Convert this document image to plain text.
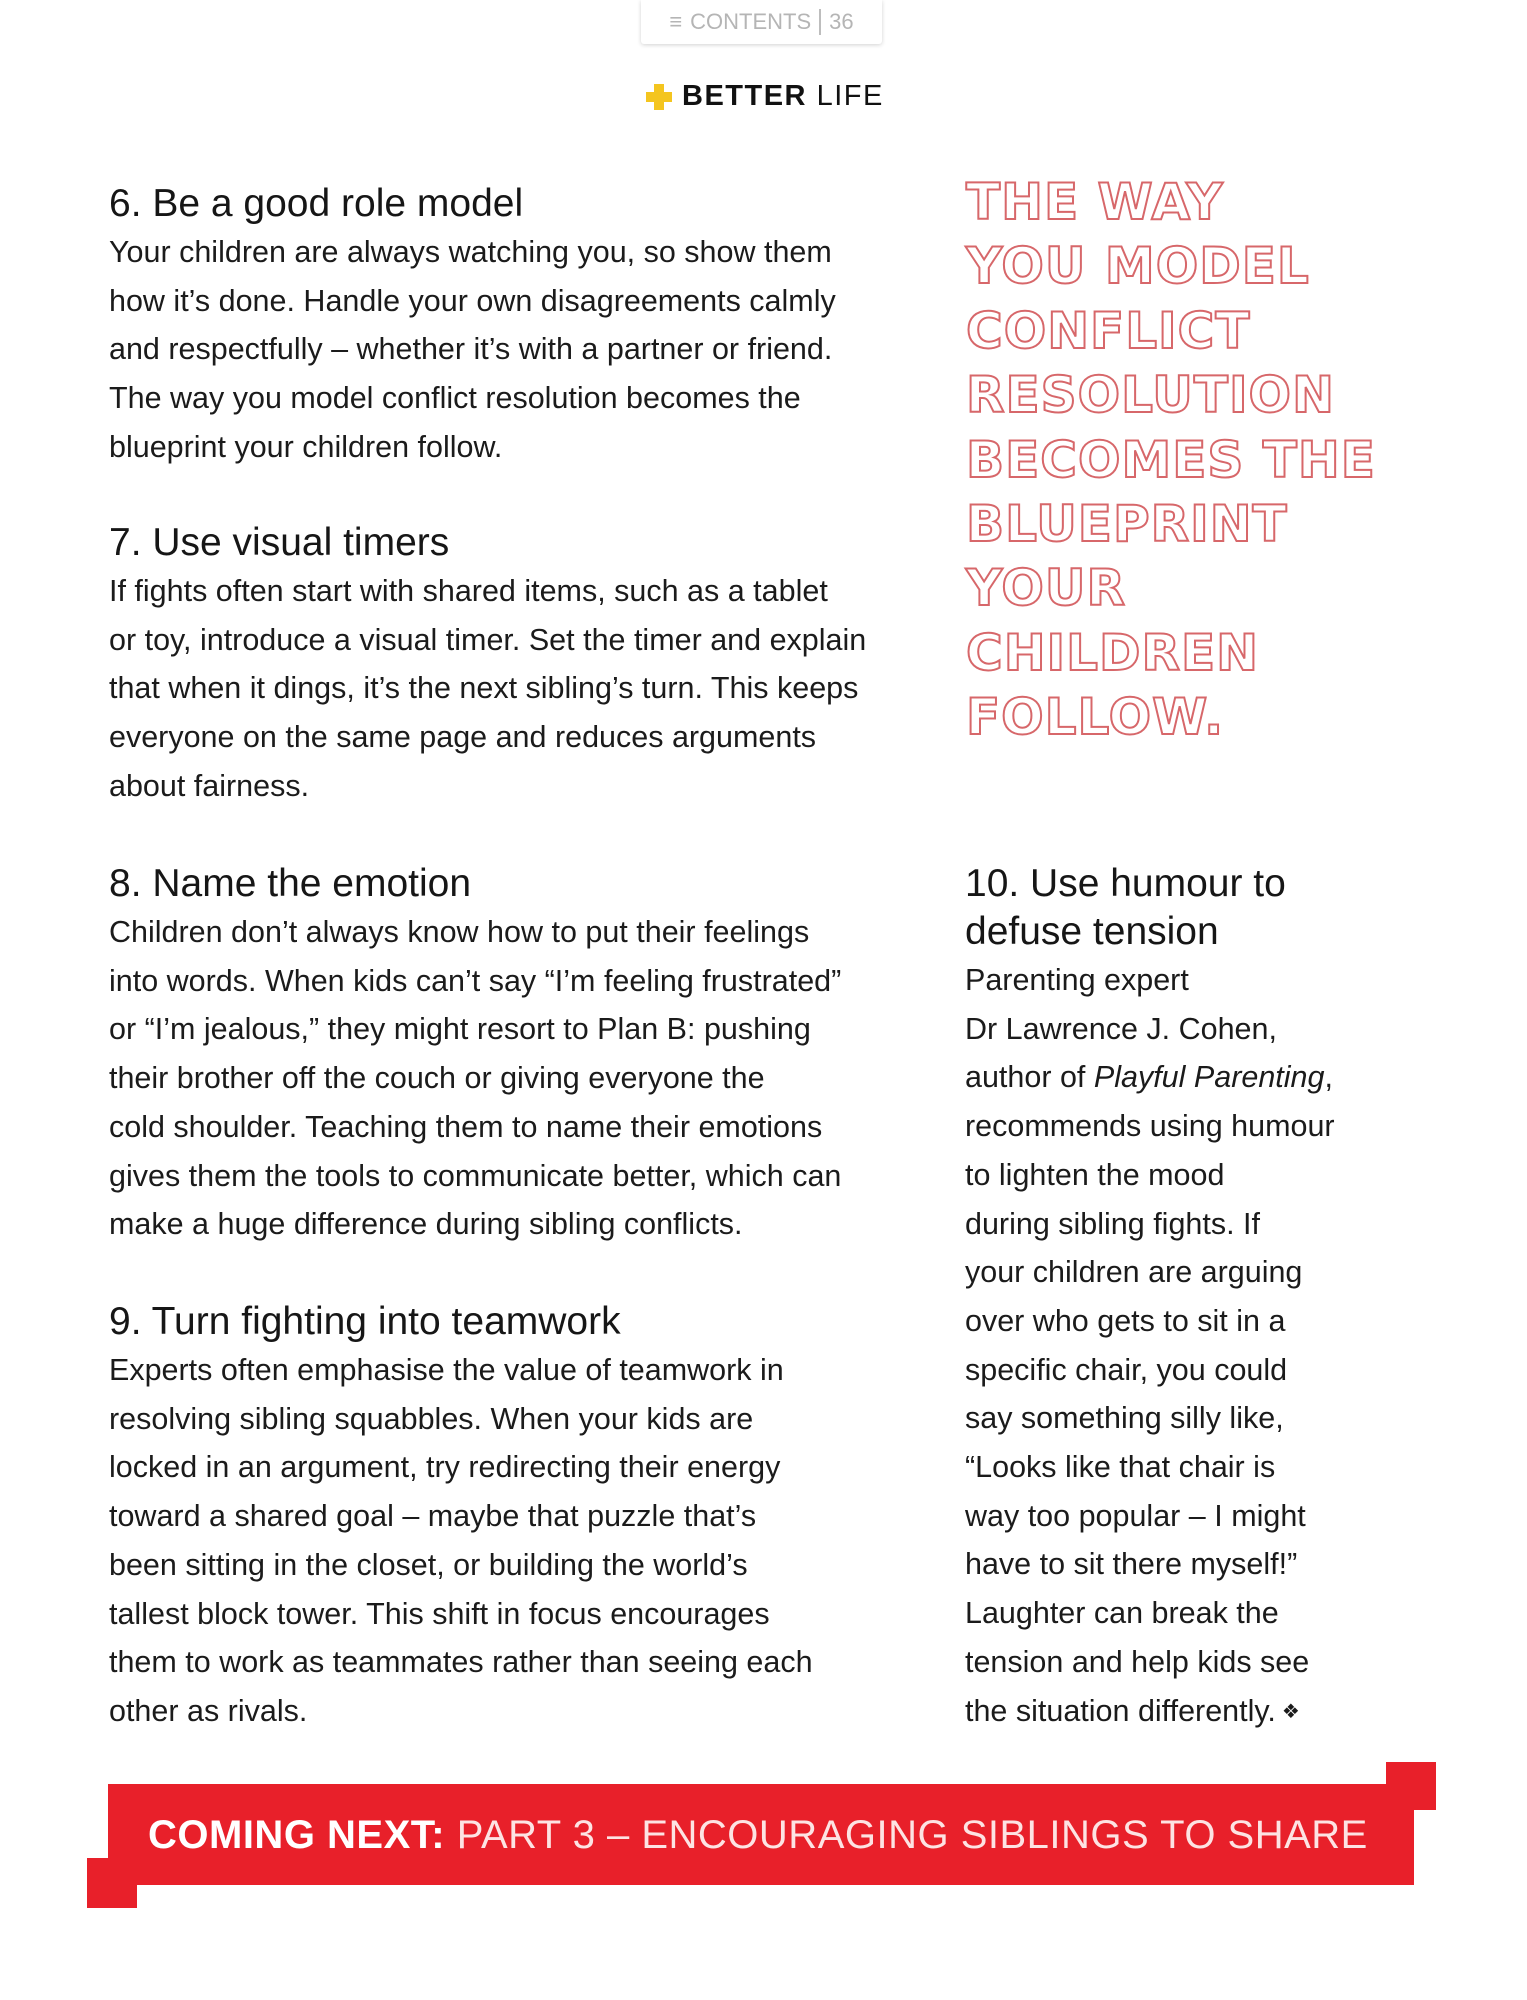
≡ CONTENTS 36
BETTER LIFE
6. Be a good role model
Your children are always watching you, so show them
how it’s done. Handle your own disagreements calmly
and respectfully – whether it’s with a partner or friend.
The way you model conflict resolution becomes the
blueprint your children follow.
7. Use visual timers
If fights often start with shared items, such as a tablet
or toy, introduce a visual timer. Set the timer and explain
that when it dings, it’s the next sibling’s turn. This keeps
everyone on the same page and reduces arguments
about fairness.
8. Name the emotion
Children don’t always know how to put their feelings
into words. When kids can’t say “I’m feeling frustrated”
or “I’m jealous,” they might resort to Plan B: pushing
their brother off the couch or giving everyone the
cold shoulder. Teaching them to name their emotions
gives them the tools to communicate better, which can
make a huge difference during sibling conflicts.
9. Turn fighting into teamwork
Experts often emphasise the value of teamwork in
resolving sibling squabbles. When your kids are
locked in an argument, try redirecting their energy
toward a shared goal – maybe that puzzle that’s
been sitting in the closet, or building the world’s
tallest block tower. This shift in focus encourages
them to work as teammates rather than seeing each
other as rivals.
10. Use humour to
defuse tension
Parenting expert
Dr Lawrence J. Cohen,
author of Playful Parenting,
recommends using humour
to lighten the mood
during sibling fights. If
your children are arguing
over who gets to sit in a
specific chair, you could
say something silly like,
“Looks like that chair is
way too popular – I might
have to sit there myself!”
Laughter can break the
tension and help kids see
the situation differently. ❖
THE WAY
YOU MODEL
CONFLICT
RESOLUTION
BECOMES THE
BLUEPRINT
YOUR
CHILDREN
FOLLOW.
COMING NEXT: PART 3 – ENCOURAGING SIBLINGS TO SHARE
